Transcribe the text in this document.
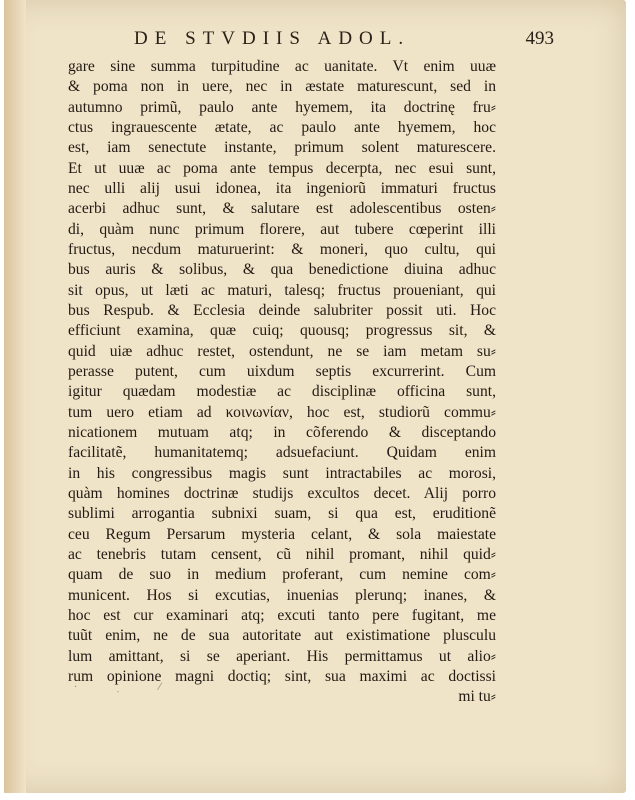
DE STVDIIS ADOL.	493
gare sine summa turpitudine ac uanitate. Vt enim uuæ
& poma non in uere, nec in æstate maturescunt, sed in
autumno primũ, paulo ante hyemem, ita doctrinę fru⸗
ctus ingrauescente ætate, ac paulo ante hyemem, hoc
est, iam senectute instante, primum solent maturescere.
Et ut uuæ ac poma ante tempus decerpta, nec esui sunt,
nec ulli alij usui idonea, ita ingeniorũ immaturi fructus
acerbi adhuc sunt, & salutare est adolescentibus osten⸗
di, quàm nunc primum florere, aut tubere cœperint illi
fructus, necdum maturuerint: & moneri, quo cultu, qui
bus auris & solibus, & qua benedictione diuina adhuc
sit opus, ut læti ac maturi, talesq; fructus proueniant, qui
bus Respub. & Ecclesia deinde salubriter possit uti. Hoc
efficiunt examina, quæ cuiq; quousq; progressus sit, &
quid uiæ adhuc restet, ostendunt, ne se iam metam su⸗
perasse putent, cum uixdum septis excurrerint. Cum
igitur quædam modestiæ ac disciplinæ officina sunt,
tum uero etiam ad κοινωνίαν, hoc est, studiorũ commu⸗
nicationem mutuam atq; in cõferendo & disceptando
facilitatẽ, humanitatemq; adsuefaciunt. Quidam enim
in his congressibus magis sunt intractabiles ac morosi,
quàm homines doctrinæ studijs excultos decet. Alij porro
sublimi arrogantia subnixi suam, si qua est, eruditionẽ
ceu Regum Persarum mysteria celant, & sola maiestate
ac tenebris tutam censent, cũ nihil promant, nihil quid⸗
quam de suo in medium proferant, cum nemine com⸗
municent. Hos si excutias, inuenias plerunq; inanes, &
hoc est cur examinari atq; excuti tanto pere fugitant, me
tuũt enim, ne de sua autoritate aut existimatione plusculu
lum amittant, si se aperiant. His permittamus ut alio⸗
rum opinione magni doctiq; sint, sua maximi ac doctissi
mi tu⸗
· ˏ ⁄
